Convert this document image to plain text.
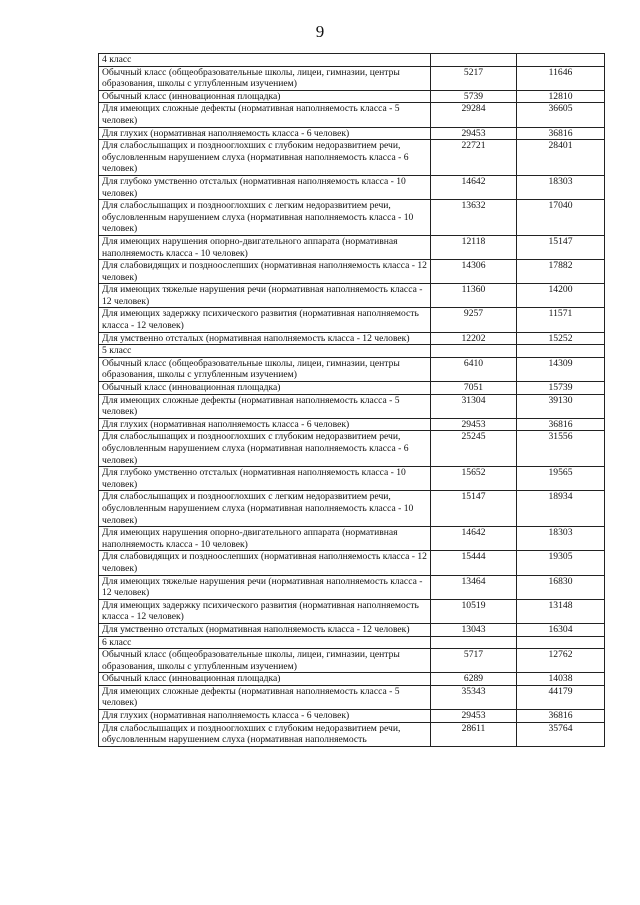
9
4 класс		
Обычный класс (общеобразовательные школы, лицеи, гимназии, центры образования, школы с углубленным изучением)	5217	11646
Обычный класс (инновационная площадка)	5739	12810
Для имеющих сложные дефекты (нормативная наполняемость класса - 5 человек)	29284	36605
Для глухих (нормативная наполняемость класса - 6 человек)	29453	36816
Для слабослышащих и позднооглохших с глубоким недоразвитием речи, обусловленным нарушением слуха (нормативная наполняемость класса - 6 человек)	22721	28401
Для глубоко умственно отсталых (нормативная наполняемость класса - 10 человек)	14642	18303
Для слабослышащих и позднооглохших с легким недоразвитием речи, обусловленным нарушением слуха (нормативная наполняемость класса - 10 человек)	13632	17040
Для имеющих нарушения опорно-двигательного аппарата (нормативная наполняемость класса - 10 человек)	12118	15147
Для слабовидящих и поздноослепших (нормативная наполняемость класса - 12 человек)	14306	17882
Для имеющих тяжелые нарушения речи (нормативная наполняемость класса - 12 человек)	11360	14200
Для имеющих задержку психического развития (нормативная наполняемость класса - 12 человек)	9257	11571
Для умственно отсталых (нормативная наполняемость класса - 12 человек)	12202	15252
5 класс		
Обычный класс (общеобразовательные школы, лицеи, гимназии, центры образования, школы с углубленным изучением)	6410	14309
Обычный класс (инновационная площадка)	7051	15739
Для имеющих сложные дефекты (нормативная наполняемость класса - 5 человек)	31304	39130
Для глухих (нормативная наполняемость класса - 6 человек)	29453	36816
Для слабослышащих и позднооглохших с глубоким недоразвитием речи, обусловленным нарушением слуха (нормативная наполняемость класса - 6 человек)	25245	31556
Для глубоко умственно отсталых (нормативная наполняемость класса - 10 человек)	15652	19565
Для слабослышащих и позднооглохших с легким недоразвитием речи, обусловленным нарушением слуха (нормативная наполняемость класса - 10 человек)	15147	18934
Для имеющих нарушения опорно-двигательного аппарата (нормативная наполняемость класса - 10 человек)	14642	18303
Для слабовидящих и поздноослепших (нормативная наполняемость класса - 12 человек)	15444	19305
Для имеющих тяжелые нарушения речи (нормативная наполняемость класса - 12 человек)	13464	16830
Для имеющих задержку психического развития (нормативная наполняемость класса - 12 человек)	10519	13148
Для умственно отсталых (нормативная наполняемость класса - 12 человек)	13043	16304
6 класс		
Обычный класс (общеобразовательные школы, лицеи, гимназии, центры образования, школы с углубленным изучением)	5717	12762
Обычный класс (инновационная площадка)	6289	14038
Для имеющих сложные дефекты (нормативная наполняемость класса - 5 человек)	35343	44179
Для глухих (нормативная наполняемость класса - 6 человек)	29453	36816
Для слабослышащих и позднооглохших с глубоким недоразвитием речи, обусловленным нарушением слуха (нормативная наполняемость	28611	35764
